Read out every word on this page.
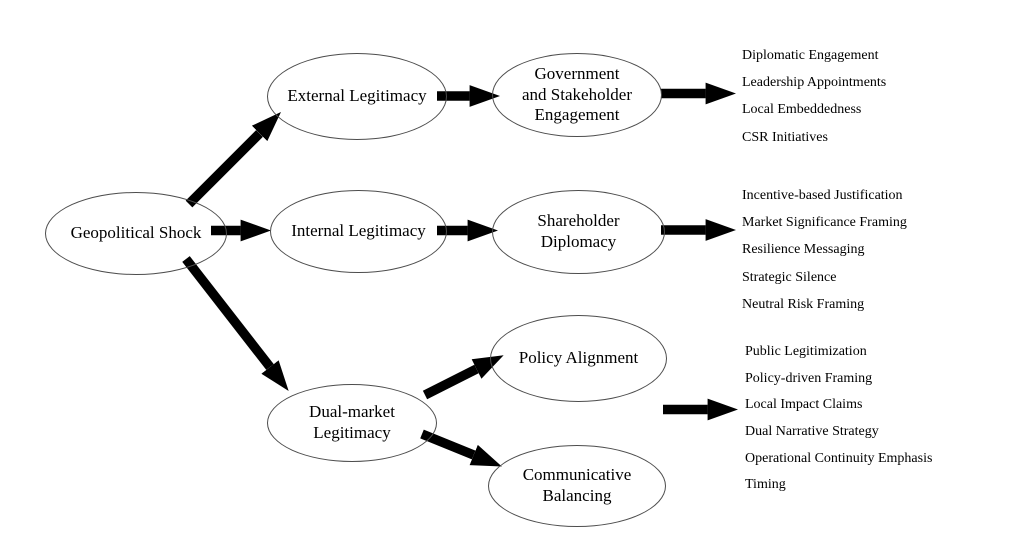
Geopolitical Shock
External Legitimacy
Internal Legitimacy
Government
and Stakeholder
Engagement
Shareholder
Diplomacy
Dual-market
Legitimacy
Policy Alignment
Communicative
Balancing
Diplomatic Engagement
Leadership Appointments
Local Embeddedness
CSR Initiatives
Incentive-based Justification
Market Significance Framing
Resilience Messaging
Strategic Silence
Neutral Risk Framing
Public Legitimization
Policy-driven Framing
Local Impact Claims
Dual Narrative Strategy
Operational Continuity Emphasis
Timing
